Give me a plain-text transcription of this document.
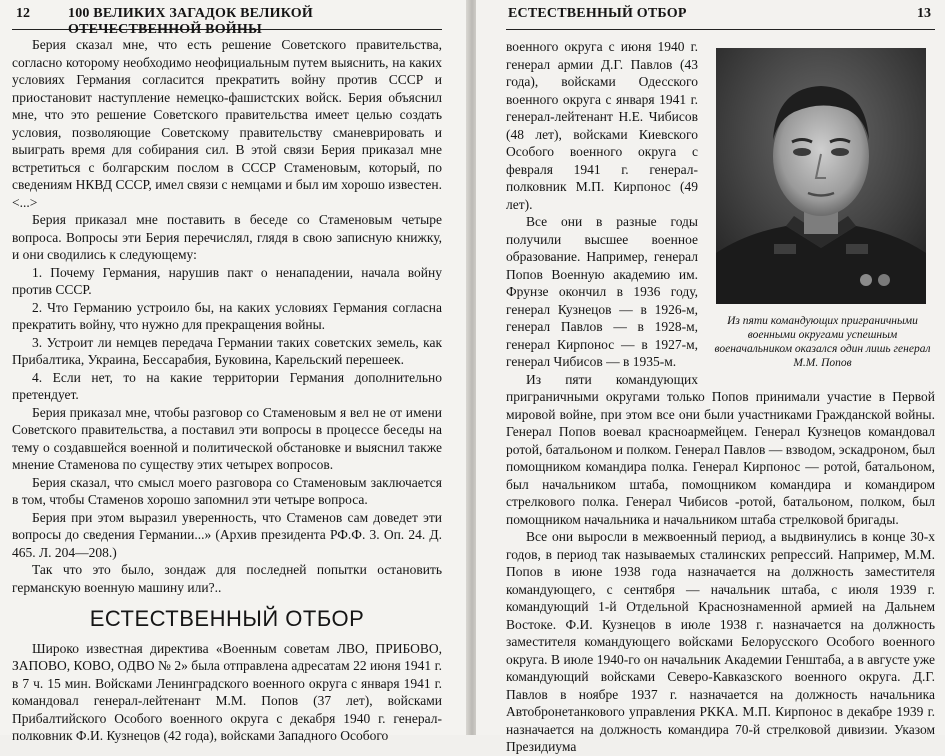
12	100 ВЕЛИКИХ ЗАГАДОК ВЕЛИКОЙ ОТЕЧЕСТВЕННОЙ ВОЙНЫ

Берия сказал мне, что есть решение Советского правительства, согласно которому необходимо неофициальным путем выяснить, на каких условиях Германия согласится прекратить войну против СССР и приостановит наступление немецко-фашистских войск. Берия объяснил мне, что это решение Советского правительства имеет целью создать условия, позволяющие Советскому правительству сманеврировать и выиграть время для собирания сил. В этой связи Берия приказал мне встретиться с болгарским послом в СССР Стаменовым, который, по сведениям НКВД СССР, имел связи с немцами и был им хорошо известен. <...>

Берия приказал мне поставить в беседе со Стаменовым четыре вопроса. Вопросы эти Берия перечислял, глядя в свою записную книжку, и они сводились к следующему:

1. Почему Германия, нарушив пакт о ненападении, начала войну против СССР.

2. Что Германию устроило бы, на каких условиях Германия согласна прекратить войну, что нужно для прекращения войны.

3. Устроит ли немцев передача Германии таких советских земель, как Прибалтика, Украина, Бессарабия, Буковина, Карельский перешеек.

4. Если нет, то на какие территории Германия дополнительно претендует.

Берия приказал мне, чтобы разговор со Стаменовым я вел не от имени Советского правительства, а поставил эти вопросы в процессе беседы на тему о создавшейся военной и политической обстановке и выяснил также мнение Стаменова по существу этих четырех вопросов.

Берия сказал, что смысл моего разговора со Стаменовым заключается в том, чтобы Стаменов хорошо запомнил эти четыре вопроса.

Берия при этом выразил уверенность, что Стаменов сам доведет эти вопросы до сведения Германии...» (Архив президента РФ.Ф. 3. Оп. 24. Д. 465. Л. 204—208.)

Так что это было, зондаж для последней попытки остановить германскую военную машину или?..

ЕСТЕСТВЕННЫЙ ОТБОР

Широко известная директива «Военным советам ЛВО, ПРИБОВО, ЗАПОВО, КОВО, ОДВО № 2» была отправлена адресатам 22 июня 1941 г. в 7 ч. 15 мин. Войсками Ленинградского военного округа с января 1941 г. командовал генерал-лейтенант М.М. Попов (37 лет), войсками Прибалтийского Особого военного округа с декабря 1940 г. генерал-полковник Ф.И. Кузнецов (42 года), войсками Западного Особого

ЕСТЕСТВЕННЫЙ ОТБОР	13
Из пяти командующих приграничными военными округами успешным военачальником оказался один лишь генерал М.М. Попов

военного округа с июня 1940 г. генерал армии Д.Г. Павлов (43 года), войсками Одесского военного округа с января 1941 г. генерал-лейтенант Н.Е. Чибисов (48 лет), войсками Киевского Особого военного округа с февраля 1941 г. генерал-полковник М.П. Кирпонос (49 лет).

Все они в разные годы получили высшее военное образование. Например, генерал Попов Военную академию им. Фрунзе окончил в 1936 году, генерал Кузнецов — в 1926-м, генерал Павлов — в 1928-м, генерал Кирпонос — в 1927-м, генерал Чибисов — в 1935-м.

Из пяти командующих приграничными округами только Попов принимали участие в Первой мировой войне, при этом все они были участниками Гражданской войны. Генерал Попов воевал красноармейцем. Генерал Кузнецов командовал ротой, батальоном и полком. Генерал Павлов — взводом, эскадроном, был помощником командира полка. Генерал Кирпонос — ротой, батальоном, был начальником штаба, помощником командира и командиром стрелкового полка. Генерал Чибисов -ротой, батальоном, полком, был помощником начальника и начальником штаба стрелковой бригады.

Все они выросли в межвоенный период, а выдвинулись в конце 30-х годов, в период так называемых сталинских репрессий. Например, М.М. Попов в июне 1938 года назначается на должность заместителя командующего, с сентября — начальник штаба, с июля 1939 г. командующий 1-й Отдельной Краснознаменной армией на Дальнем Востоке. Ф.И. Кузнецов в июле 1938 г. назначается на должность заместителя командующего войсками Белорусского Особого военного округа. В июле 1940-го он начальник Академии Генштаба, а в августе уже командующий войсками Северо-Кавказского военного округа. Д.Г. Павлов в ноябре 1937 г. назначается на должность начальника Автобронетанкового управления РККА. М.П. Кирпонос в декабре 1939 г. назначается на должность командира 70-й стрелковой дивизии. Указом Президиума
